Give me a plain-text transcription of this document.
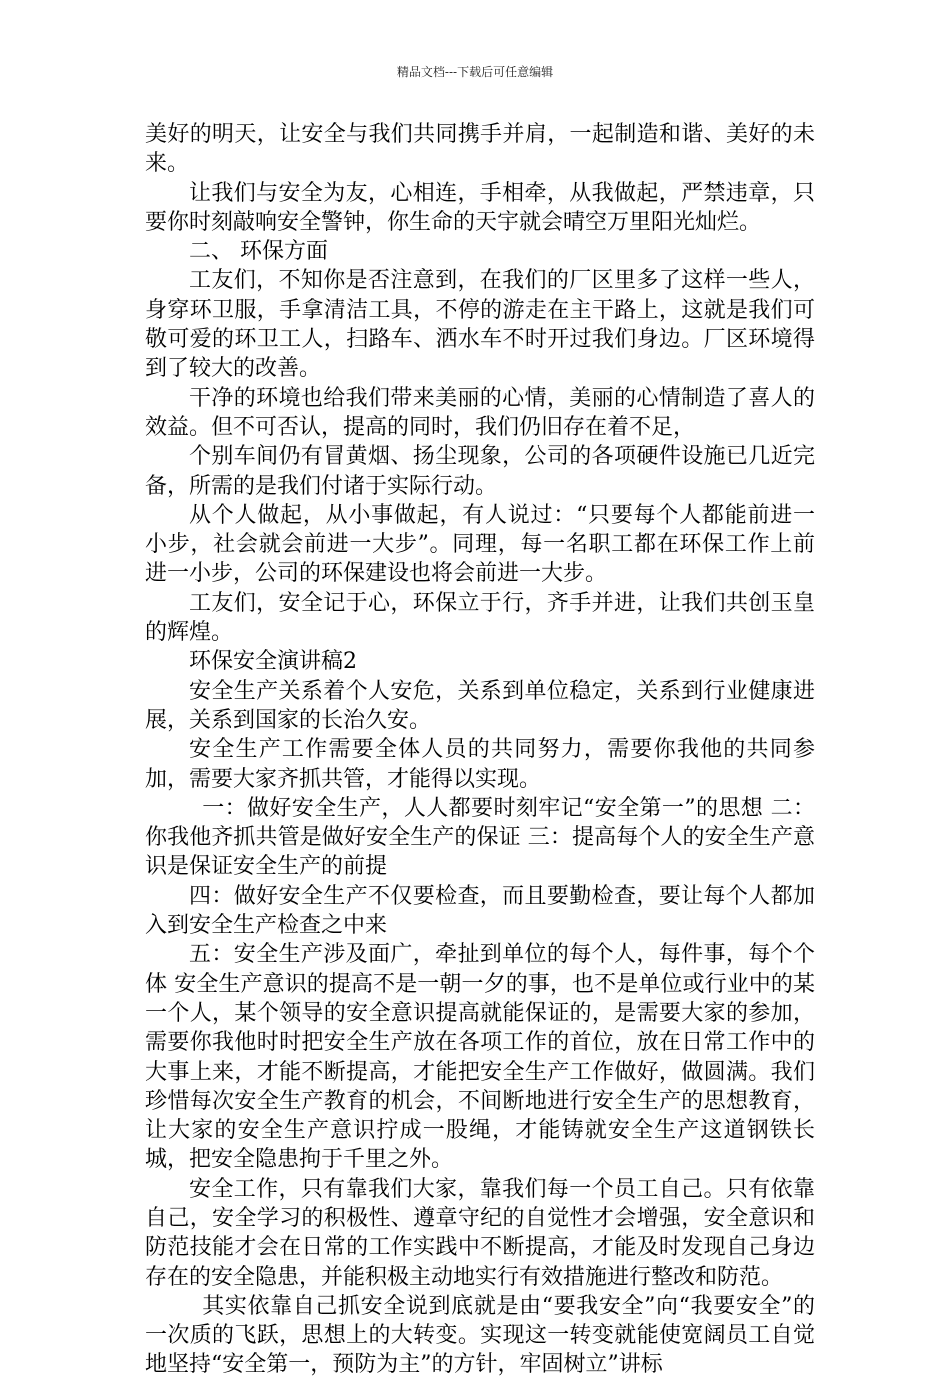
精品文档---下载后可任意编辑

美好的明天，让安全与我们共同携手并肩，一起制造和谐、美好的未来。

让我们与安全为友，心相连，手相牵，从我做起，严禁违章，只要你时刻敲响安全警钟，你生命的天宇就会晴空万里阳光灿烂。

二、 环保方面

工友们，不知你是否注意到，在我们的厂区里多了这样一些人，身穿环卫服，手拿清洁工具，不停的游走在主干路上，这就是我们可敬可爱的环卫工人，扫路车、洒水车不时开过我们身边。厂区环境得到了较大的改善。

干净的环境也给我们带来美丽的心情，美丽的心情制造了喜人的效益。但不可否认，提高的同时，我们仍旧存在着不足，

个别车间仍有冒黄烟、扬尘现象，公司的各项硬件设施已几近完备，所需的是我们付诸于实际行动。

从个人做起，从小事做起，有人说过：“只要每个人都能前进一小步，社会就会前进一大步”。同理，每一名职工都在环保工作上前进一小步，公司的环保建设也将会前进一大步。

工友们，安全记于心，环保立于行，齐手并进，让我们共创玉皇的辉煌。

环保安全演讲稿2

安全生产关系着个人安危，关系到单位稳定，关系到行业健康进展，关系到国家的长治久安。

安全生产工作需要全体人员的共同努力，需要你我他的共同参加，需要大家齐抓共管，才能得以实现。

一：做好安全生产，人人都要时刻牢记“安全第一”的思想 二：你我他齐抓共管是做好安全生产的保证 三：提高每个人的安全生产意识是保证安全生产的前提

四：做好安全生产不仅要检查，而且要勤检查，要让每个人都加入到安全生产检查之中来

五：安全生产涉及面广，牵扯到单位的每个人，每件事，每个个体 安全生产意识的提高不是一朝一夕的事，也不是单位或行业中的某一个人，某个领导的安全意识提高就能保证的，是需要大家的参加，需要你我他时时把安全生产放在各项工作的首位，放在日常工作中的 大事上来，才能不断提高，才能把安全生产工作做好，做圆满。我们珍惜每次安全生产教育的机会，不间断地进行安全生产的思想教育，让大家的安全生产意识拧成一股绳，才能铸就安全生产这道钢铁长城，把安全隐患拘于千里之外。

安全工作，只有靠我们大家，靠我们每一个员工自己。只有依靠自己，安全学习的积极性、遵章守纪的自觉性才会增强，安全意识和防范技能才会在日常的工作实践中不断提高，才能及时发现自己身边存在的安全隐患，并能积极主动地实行有效措施进行整改和防范。

其实依靠自己抓安全说到底就是由“要我安全”向“我要安全”的一次质的飞跃，思想上的大转变。实现这一转变就能使宽阔员工自觉地坚持“安全第一，预防为主”的方针，牢固树立”讲标
